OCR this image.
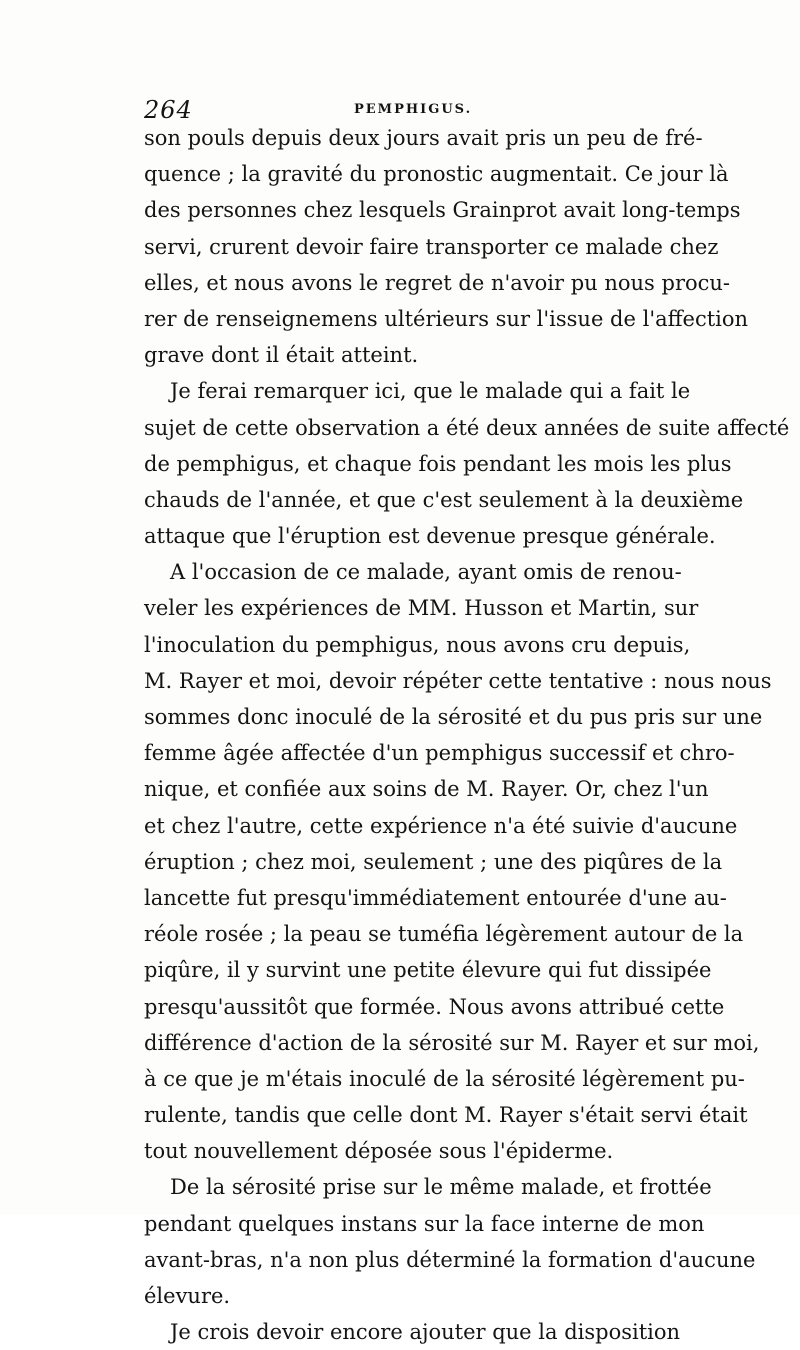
264	PEMPHIGUS.
son pouls depuis deux jours avait pris un peu de fré-
quence ; la gravité du pronostic augmentait. Ce jour là
des personnes chez lesquels Grainprot avait long-temps
servi, crurent devoir faire transporter ce malade chez
elles, et nous avons le regret de n'avoir pu nous procu-
rer de renseignemens ultérieurs sur l'issue de l'affection
grave dont il était atteint.
Je ferai remarquer ici, que le malade qui a fait le
sujet de cette observation a été deux années de suite affecté
de pemphigus, et chaque fois pendant les mois les plus
chauds de l'année, et que c'est seulement à la deuxième
attaque que l'éruption est devenue presque générale.
A l'occasion de ce malade, ayant omis de renou-
veler les expériences de MM. Husson et Martin, sur
l'inoculation du pemphigus, nous avons cru depuis,
M. Rayer et moi, devoir répéter cette tentative : nous nous
sommes donc inoculé de la sérosité et du pus pris sur une
femme âgée affectée d'un pemphigus successif et chro-
nique, et confiée aux soins de M. Rayer. Or, chez l'un
et chez l'autre, cette expérience n'a été suivie d'aucune
éruption ; chez moi, seulement ; une des piqûres de la
lancette fut presqu'immédiatement entourée d'une au-
réole rosée ; la peau se tuméfia légèrement autour de la
piqûre, il y survint une petite élevure qui fut dissipée
presqu'aussitôt que formée. Nous avons attribué cette
différence d'action de la sérosité sur M. Rayer et sur moi,
à ce que je m'étais inoculé de la sérosité légèrement pu-
rulente, tandis que celle dont M. Rayer s'était servi était
tout nouvellement déposée sous l'épiderme.
De la sérosité prise sur le même malade, et frottée
pendant quelques instans sur la face interne de mon
avant-bras, n'a non plus déterminé la formation d'aucune
élevure.
Je crois devoir encore ajouter que la disposition
